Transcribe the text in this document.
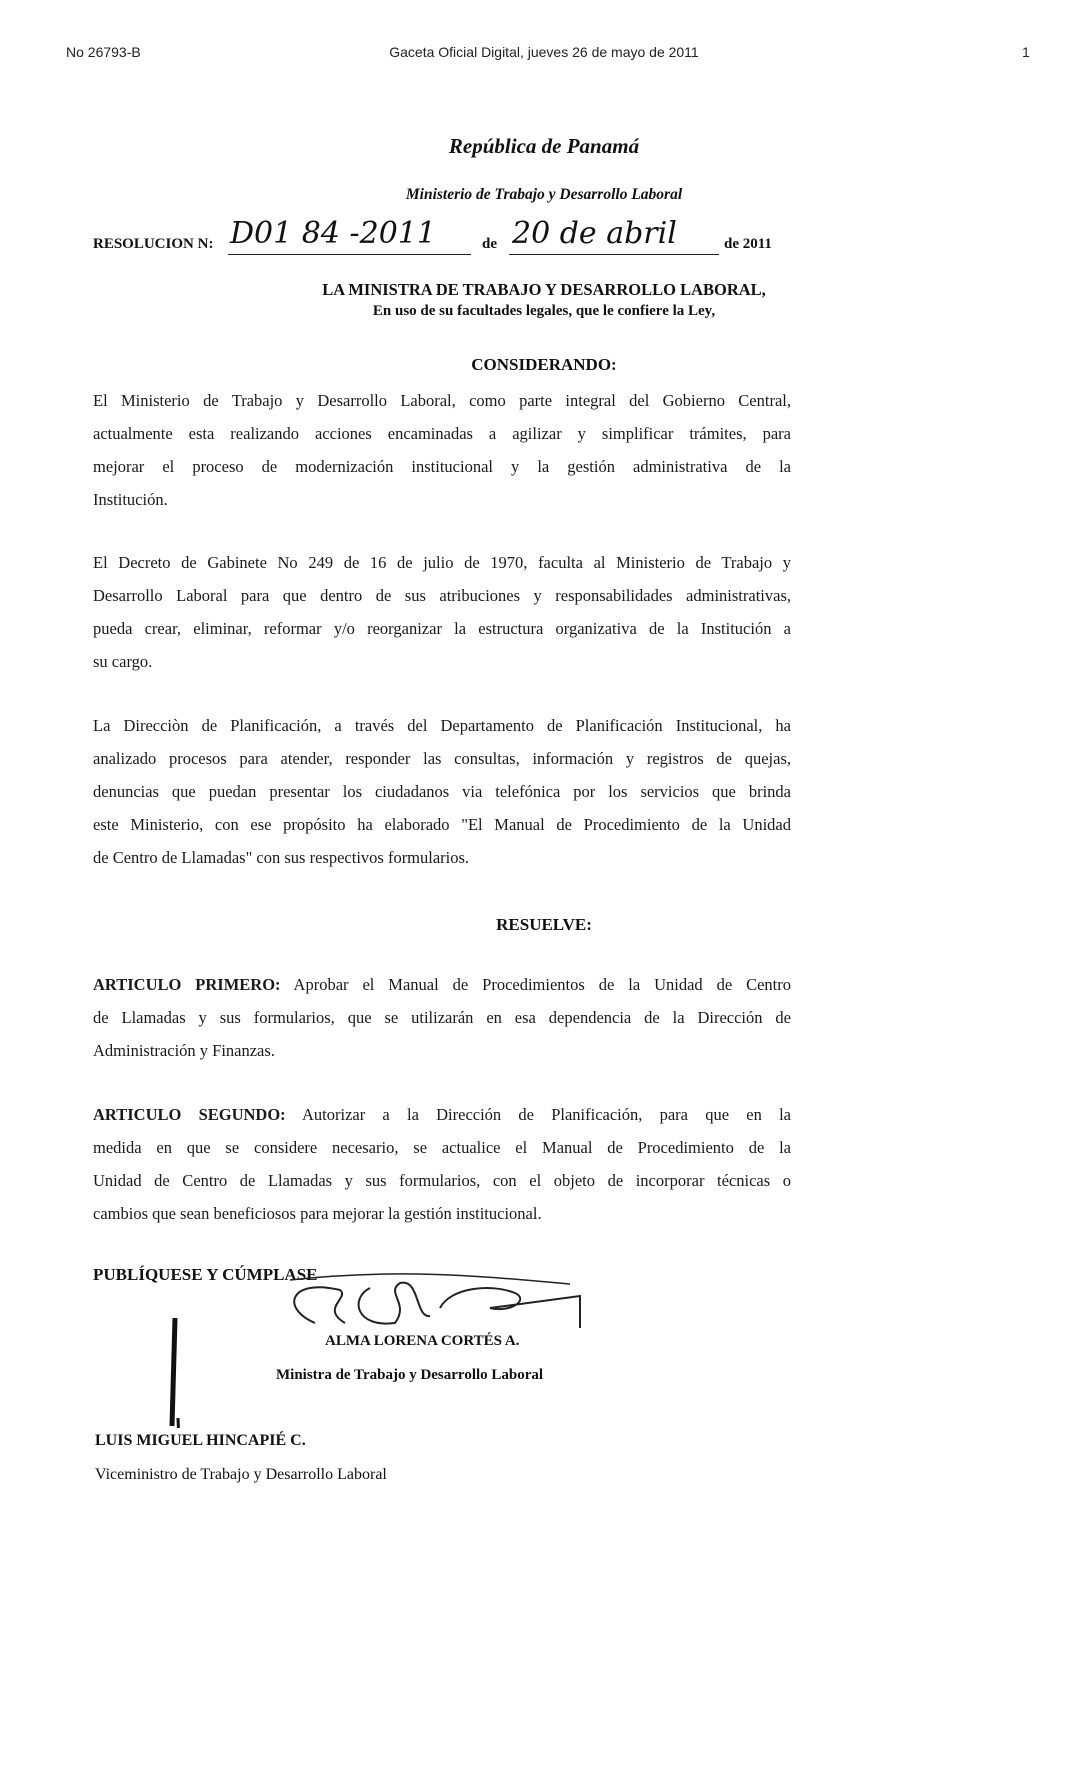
No 26793-B	Gaceta Oficial Digital, jueves 26 de mayo de 2011	1
República de Panamá
Ministerio de Trabajo y Desarrollo Laboral
RESOLUCION N: D01 84 -2011	de 20 de abril	de 2011
LA MINISTRA DE TRABAJO Y DESARROLLO LABORAL,
En uso de su facultades legales, que le confiere la Ley,
CONSIDERANDO:
El Ministerio de Trabajo y Desarrollo Laboral, como parte integral del Gobierno Central,
actualmente esta realizando acciones encaminadas a agilizar y simplificar trámites, para
mejorar el proceso de modernización institucional y la gestión administrativa de la
Institución.
El Decreto de Gabinete No 249 de 16 de julio de 1970, faculta al Ministerio de Trabajo y
Desarrollo Laboral para que dentro de sus atribuciones y responsabilidades administrativas,
pueda crear, eliminar, reformar y/o reorganizar la estructura organizativa de la Institución a
su cargo.
La Direcciòn de Planificación, a través del Departamento de Planificación Institucional, ha
analizado procesos para atender, responder las consultas, información y registros de quejas,
denuncias que puedan presentar los ciudadanos via telefónica por los servicios que brinda
este Ministerio, con ese propósito ha elaborado "El Manual de Procedimiento de la Unidad
de Centro de Llamadas" con sus respectivos formularios.
RESUELVE:
ARTICULO PRIMERO: Aprobar el Manual de Procedimientos de la Unidad de Centro
de Llamadas y sus formularios, que se utilizarán en esa dependencia de la Dirección de
Administración y Finanzas.
ARTICULO SEGUNDO: Autorizar a la Dirección de Planificación, para que en la
medida en que se considere necesario, se actualice el Manual de Procedimiento de la
Unidad de Centro de Llamadas y sus formularios, con el objeto de incorporar técnicas o
cambios que sean beneficiosos para mejorar la gestión institucional.
PUBLÍQUESE Y CÚMPLASE
ALMA LORENA CORTÉS A.
Ministra de Trabajo y Desarrollo Laboral
LUIS MIGUEL HINCAPIÉ C.
Viceministro de Trabajo y Desarrollo Laboral
